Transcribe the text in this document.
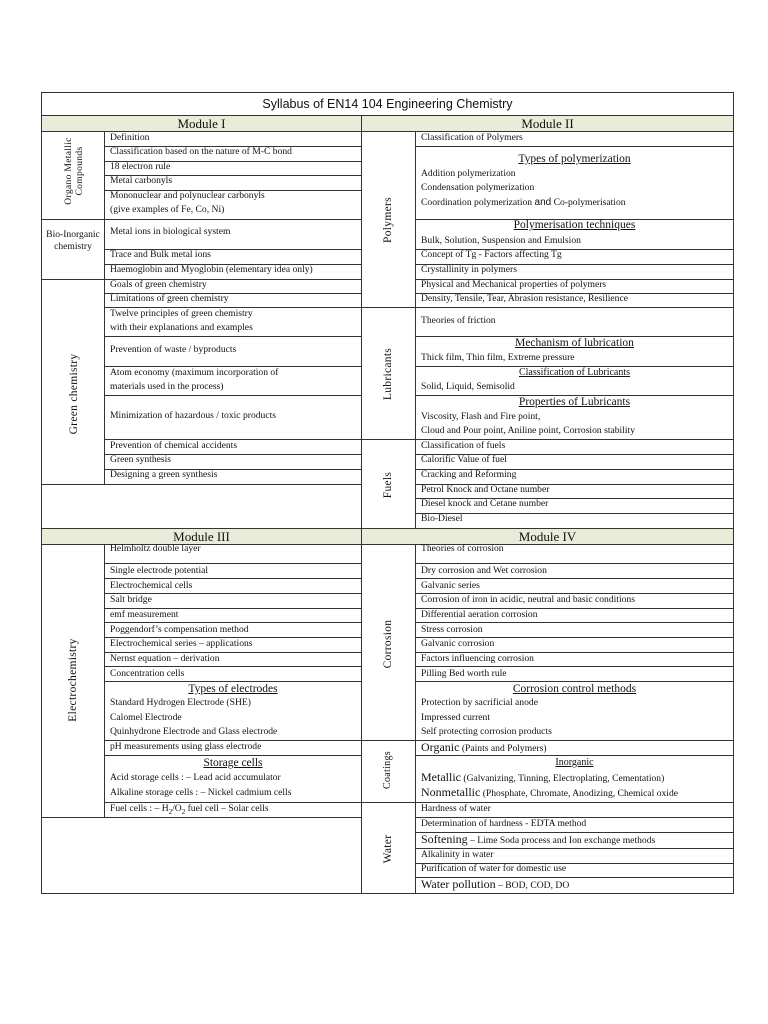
Syllabus of EN14 104 Engineering Chemistry
Module I	Module II
Module III	Module IV
Organo Metallic Compounds
Bio-Inorganic chemistry
Green chemistry
Definition
Classification based on the nature of M-C bond
18 electron rule
Metal carbonyls
Mononuclear and polynuclear carbonyls
(give examples of Fe, Co, Ni)
Metal ions in biological system
Trace and Bulk metal ions
Haemoglobin and Myoglobin (elementary idea only)
Goals of green chemistry
Limitations of green chemistry
Twelve principles of green chemistry
with their explanations and examples
Prevention of waste / byproducts
Atom economy (maximum incorporation of
materials used in the process)
Minimization of hazardous / toxic products
Prevention of chemical accidents
Green synthesis
Designing a green synthesis
Polymers
Lubricants
Fuels
Classification of Polymers
Types of polymerization
Addition polymerization
Condensation polymerization
Coordination polymerization and Co-polymerisation
Polymerisation techniques
Bulk, Solution, Suspension and Emulsion
Concept of Tg - Factors affecting Tg
Crystallinity in polymers
Physical and Mechanical properties of polymers
Density, Tensile, Tear, Abrasion resistance, Resilience
Theories of friction
Mechanism of lubrication
Thick film, Thin film, Extreme pressure
Classification of Lubricants
Solid, Liquid, Semisolid
Properties of Lubricants
Viscosity, Flash and Fire point,
Cloud and Pour point, Aniline point, Corrosion stability
Classification of fuels
Calorific Value of fuel
Cracking and Reforming
Petrol Knock and Octane number
Diesel knock and Cetane number
Bio-Diesel
Electrochemistry
Helmholtz double layer
Single electrode potential
Electrochemical cells
Salt bridge
emf measurement
Poggendorf’s compensation method
Electrochemical series – applications
Nernst equation – derivation
Concentration cells
Types of electrodes
Standard Hydrogen Electrode (SHE)
Calomel Electrode
Quinhydrone Electrode and Glass electrode
pH measurements using glass electrode
Storage cells
Acid storage cells : – Lead acid accumulator
Alkaline storage cells : – Nickel cadmium cells
Fuel cells : – $H_2/O_2$ fuel cell – Solar cells
Corrosion
Coatings
Water
Theories of corrosion
Dry corrosion and Wet corrosion
Galvanic series
Corrosion of iron in acidic, neutral and basic conditions
Differential aeration corrosion
Stress corrosion
Galvanic corrosion
Factors influencing corrosion
Pilling Bed worth rule
Corrosion control methods
Protection by sacrificial anode
Impressed current
Self protecting corrosion products
Organic (Paints and Polymers)
Inorganic
Metallic (Galvanizing, Tinning, Electroplating, Cementation)
Nonmetallic (Phosphate, Chromate, Anodizing, Chemical oxide
Hardness of water
Determination of hardness - EDTA method
Softening – Lime Soda process and Ion exchange methods
Alkalinity in water
Purification of water for domestic use
Water pollution – BOD, COD, DO
